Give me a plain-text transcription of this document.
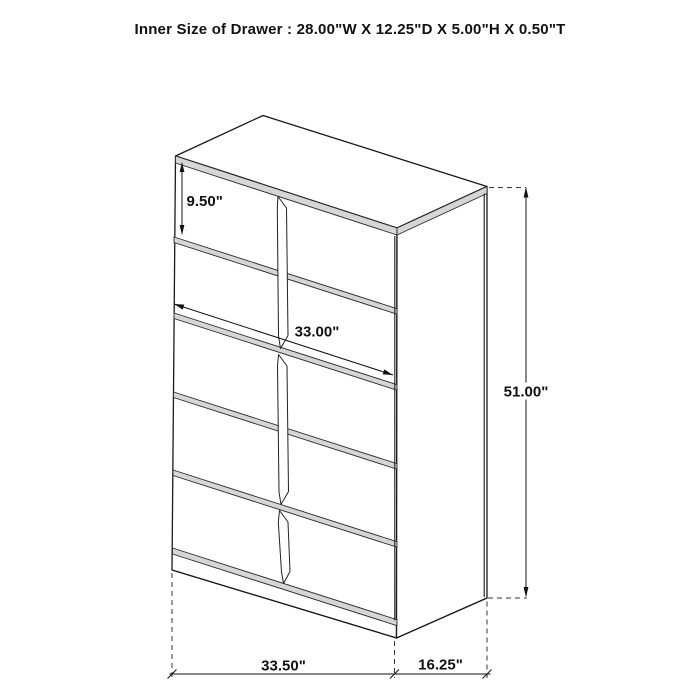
Inner Size of Drawer : 28.00"W X 12.25"D X 5.00"H X 0.50"T
9.50"
33.00"
51.00"
33.50"	16.25"
